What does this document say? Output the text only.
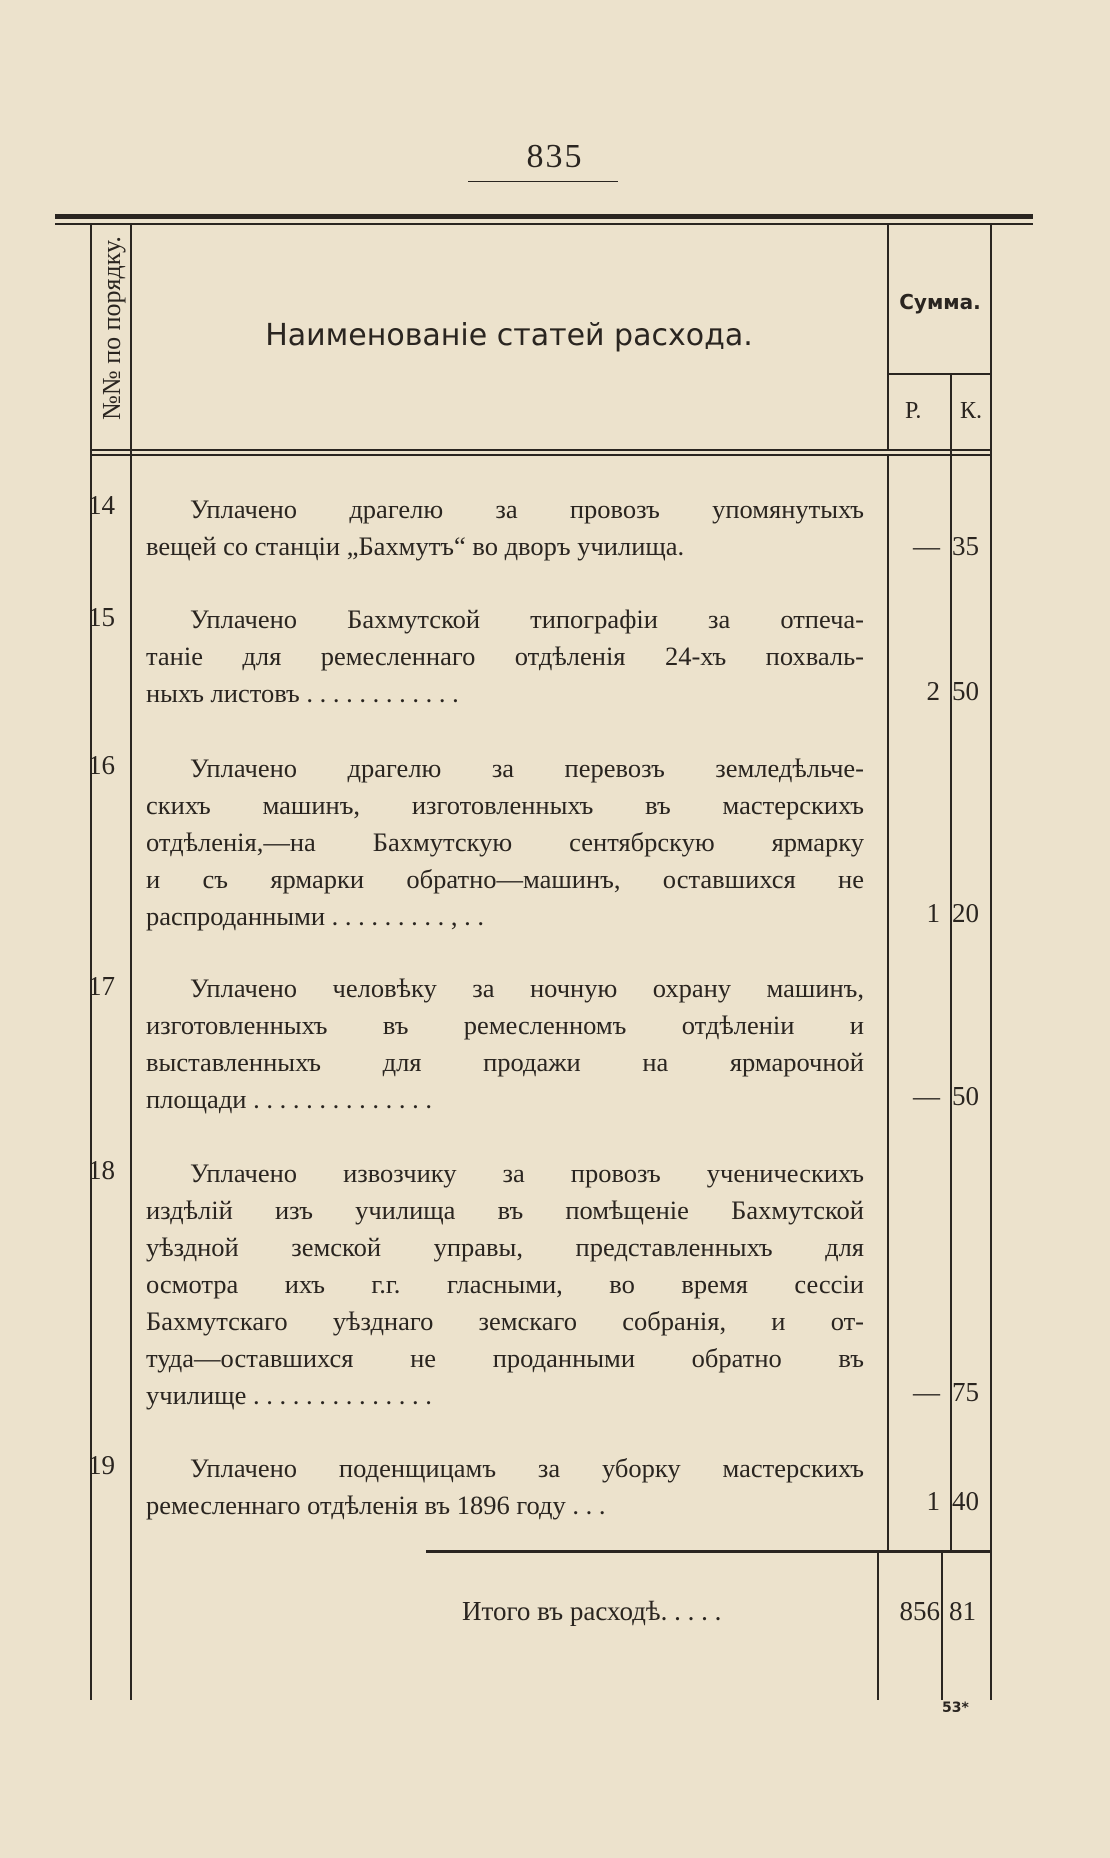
835
№№ по порядку.	Наименованіе статей расхода.
Сумма.
Р. К.
14	Уплачено драгелю за провозъ упомянутыхъ
вещей со станціи „Бахмутъ“ во дворъ училища.	— 35
15	Уплачено Бахмутской типографіи за отпеча-
таніе для ремесленнаго отдѣленія 24-хъ похваль-
ныхъ листовъ . . . . . . . . . . . .	2 50
16	Уплачено драгелю за перевозъ земледѣльче-
скихъ машинъ, изготовленныхъ въ мастерскихъ
отдѣленія,—на Бахмутскую сентябрскую ярмарку
и съ ярмарки обратно—машинъ, оставшихся не
распроданными . . . . . . . . . , . .	1 20
17	Уплачено человѣку за ночную охрану машинъ,
изготовленныхъ въ ремесленномъ отдѣленіи и
выставленныхъ для продажи на ярмарочной
площади . . . . . . . . . . . . . .	— 50
18	Уплачено извозчику за провозъ ученическихъ
издѣлій изъ училища въ помѣщеніе Бахмутской
уѣздной земской управы, представленныхъ для
осмотра ихъ г.г. гласными, во время сессіи
Бахмутскаго уѣзднаго земскаго собранія, и от-
туда—оставшихся не проданными обратно въ
училище . . . . . . . . . . . . . .	— 75
19	Уплачено поденщицамъ за уборку мастерскихъ
ремесленнаго отдѣленія въ 1896 году . . .	1 40
Итого въ расходѣ. . . . .	856 81
53*
